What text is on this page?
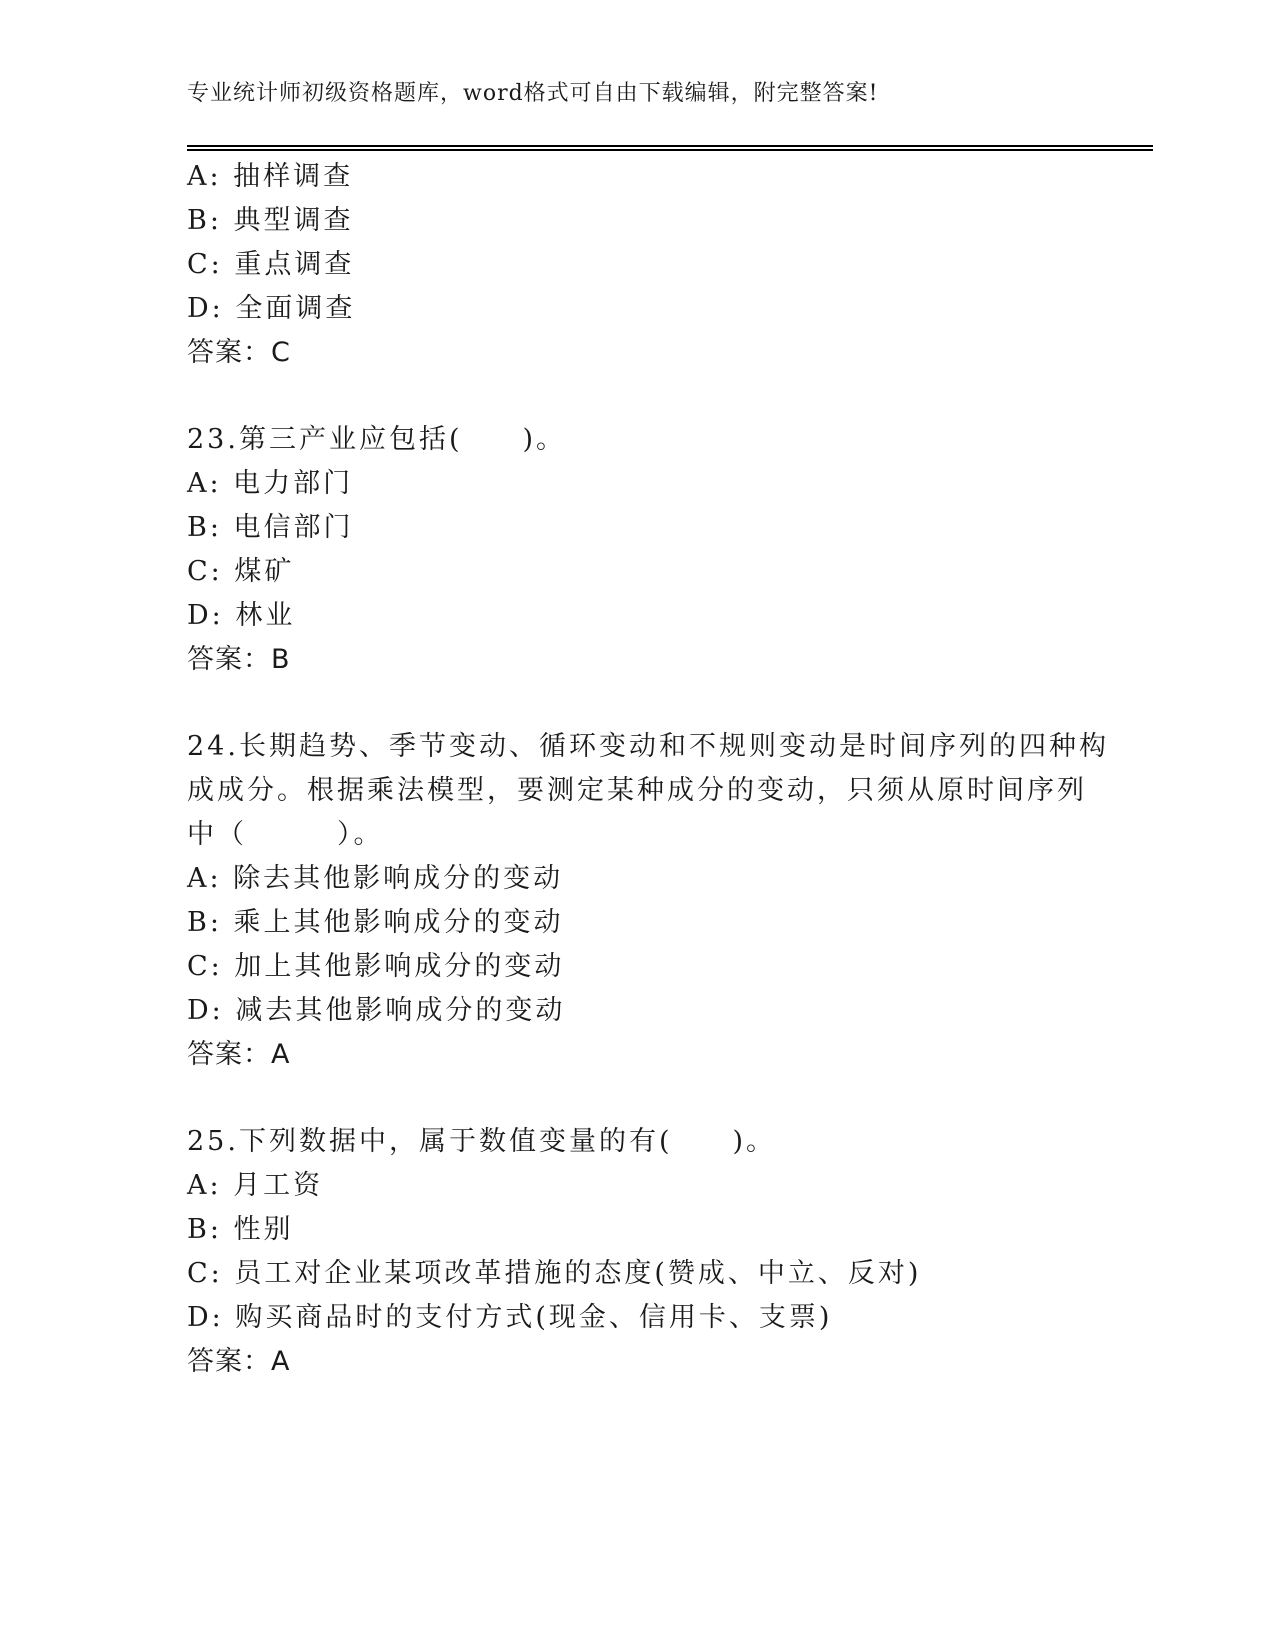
专业统计师初级资格题库，word格式可自由下载编辑，附完整答案!
A: 抽样调查
B: 典型调查
C: 重点调查
D: 全面调查
答案：C
23.第三产业应包括(　　)。
A: 电力部门
B: 电信部门
C: 煤矿
D: 林业
答案：B
24.长期趋势、季节变动、循环变动和不规则变动是时间序列的四种构
成成分。根据乘法模型，要测定某种成分的变动，只须从原时间序列
中（　　　）。
A: 除去其他影响成分的变动
B: 乘上其他影响成分的变动
C: 加上其他影响成分的变动
D: 减去其他影响成分的变动
答案：A
25.下列数据中，属于数值变量的有(　　)。
A: 月工资
B: 性别
C: 员工对企业某项改革措施的态度(赞成、中立、反对)
D: 购买商品时的支付方式(现金、信用卡、支票)
答案：A
